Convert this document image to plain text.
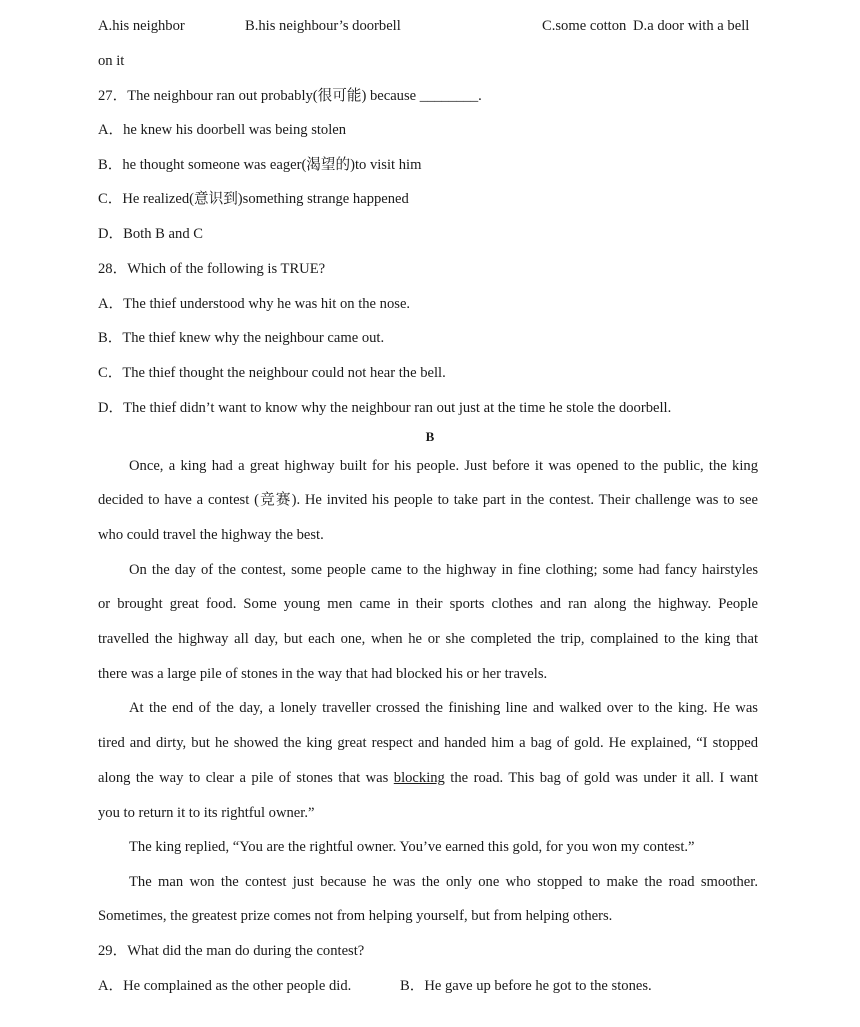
A.his neighbor	B.his neighbour’s doorbell	C.some cotton D.a door with a bell
on it
27．The neighbour ran out probably(很可能) because ________.
A．he knew his doorbell was being stolen
B．he thought someone was eager(渴望的)to visit him
C．He realized(意识到)something strange happened
D．Both B and C
28．Which of the following is TRUE?
A．The thief understood why he was hit on the nose.
B．The thief knew why the neighbour came out.
C．The thief thought the neighbour could not hear the bell.
D．The thief didn’t want to know why the neighbour ran out just at the time he stole the doorbell.
B
Once, a king had a great highway built for his people. Just before it was opened to the public, the king
decided to have a contest (竞赛). He invited his people to take part in the contest. Their challenge was to see
who could travel the highway the best.
On the day of the contest, some people came to the highway in fine clothing; some had fancy hairstyles
or brought great food. Some young men came in their sports clothes and ran along the highway. People
travelled the highway all day, but each one, when he or she completed the trip, complained to the king that
there was a large pile of stones in the way that had blocked his or her travels.
At the end of the day, a lonely traveller crossed the finishing line and walked over to the king. He was
tired and dirty, but he showed the king great respect and handed him a bag of gold. He explained, “I stopped
along the way to clear a pile of stones that was blocking the road. This bag of gold was under it all. I want
you to return it to its rightful owner.”
The king replied, “You are the rightful owner. You’ve earned this gold, for you won my contest.”
The man won the contest just because he was the only one who stopped to make the road smoother.
Sometimes, the greatest prize comes not from helping yourself, but from helping others.
29．What did the man do during the contest?
A．He complained as the other people did.	B．He gave up before he got to the stones.
